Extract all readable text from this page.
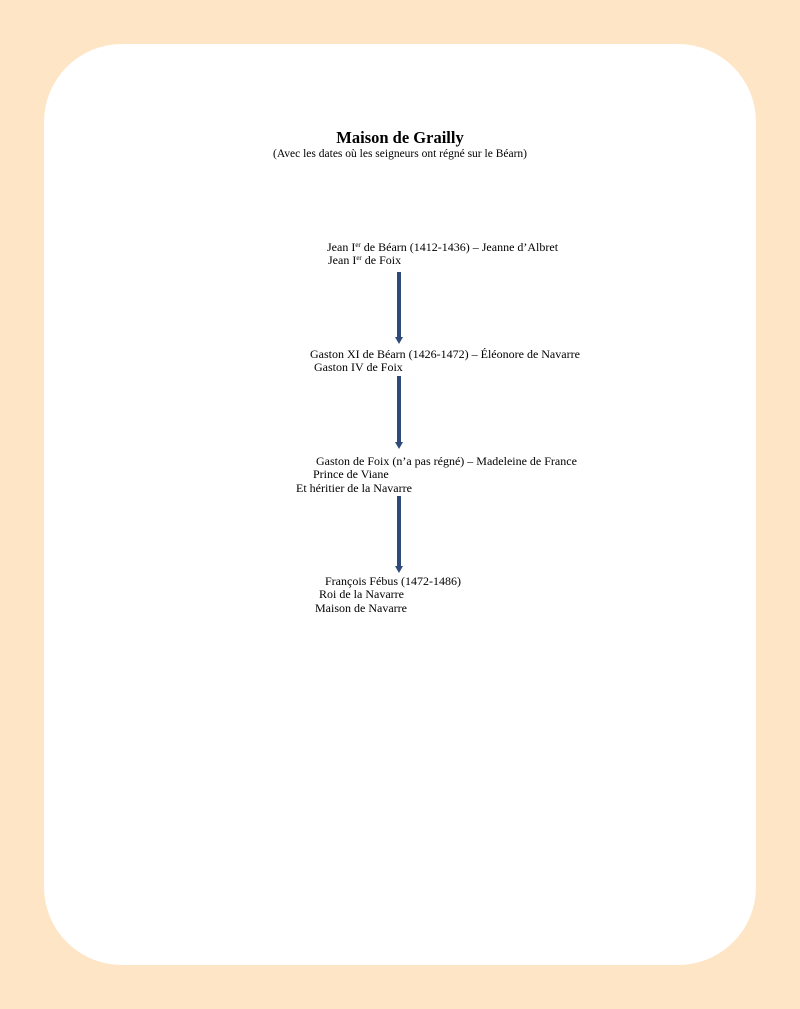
Maison de Grailly
(Avec les dates où les seigneurs ont régné sur le Béarn)
Jean Ier de Béarn (1412-1436) – Jeanne d’Albret
Jean Ier de Foix
Gaston XI de Béarn (1426-1472) – Éléonore de Navarre
Gaston IV de Foix
Gaston de Foix (n’a pas régné) – Madeleine de France
Prince de Viane
Et héritier de la Navarre
François Fébus (1472-1486)
Roi de la Navarre
Maison de Navarre
